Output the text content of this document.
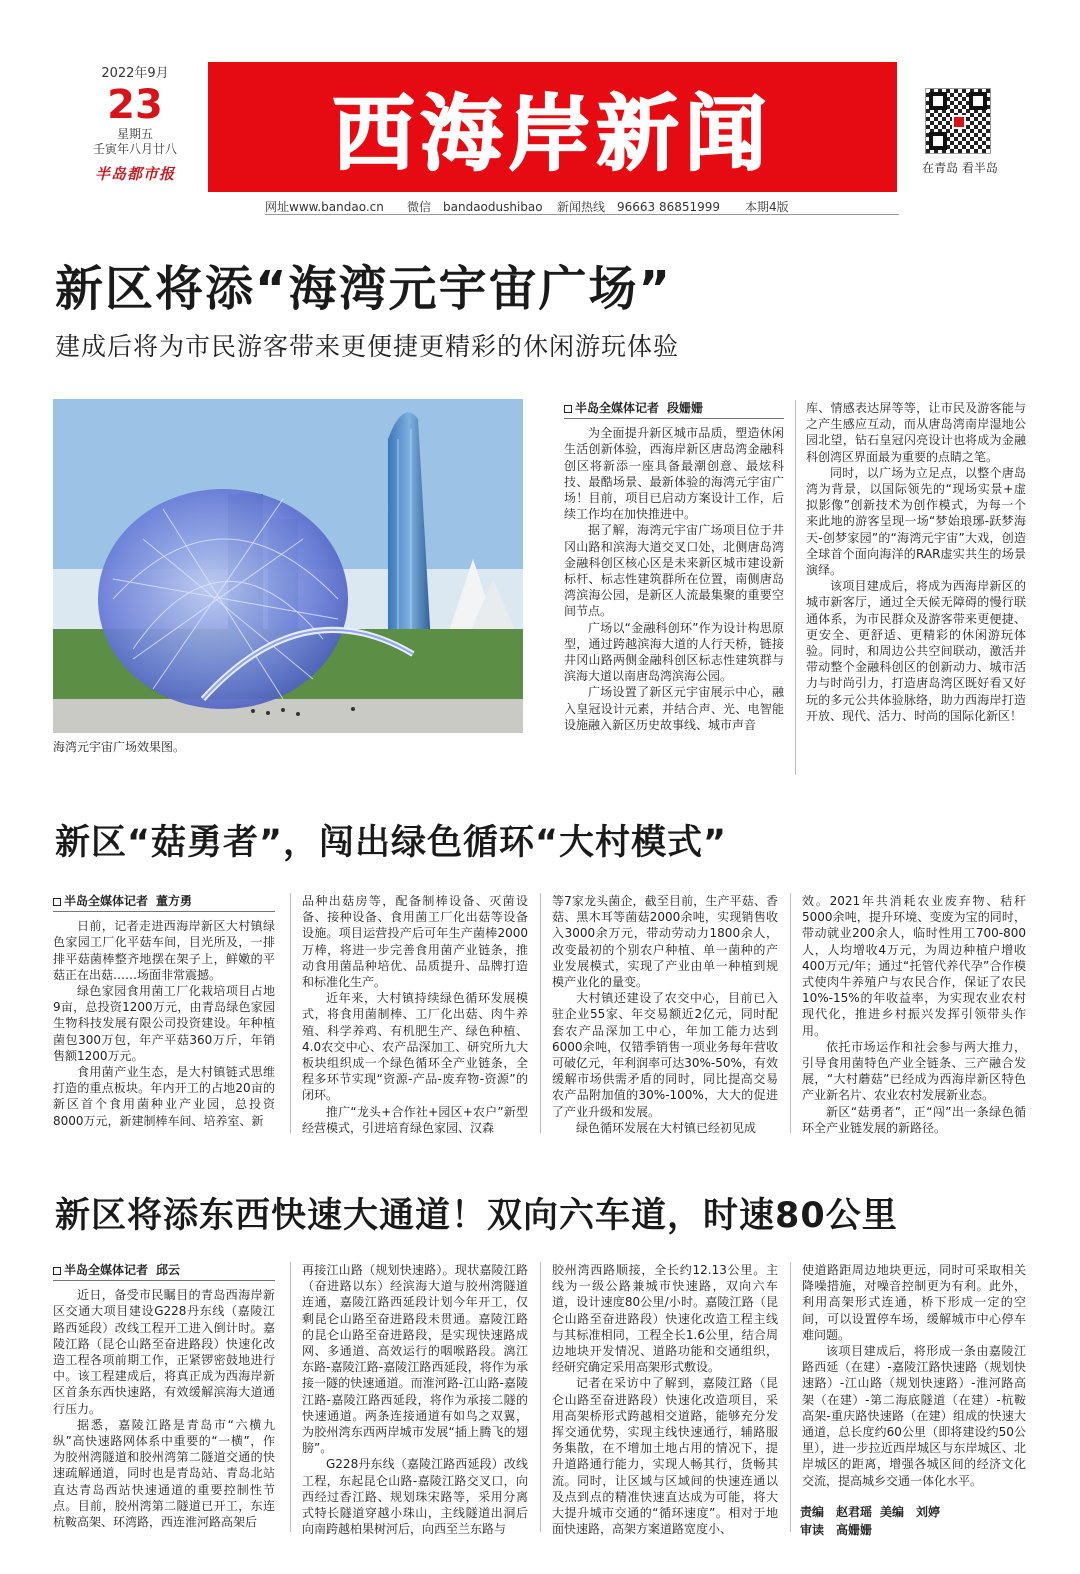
2022年9月
23
星期五
壬寅年八月廿八
半岛都市报 西海岸新闻	在青岛 看半岛
网址www.bandao.cn	微信　bandaodushibao	新闻热线　96663 86851999	本期4版
新区将添“海湾元宇宙广场”
建成后将为市民游客带来更便捷更精彩的休闲游玩体验
海湾元宇宙广场效果图。
半岛全媒体记者 段姗姗

为全面提升新区城市品质，塑造休闲生活创新体验，西海岸新区唐岛湾金融科创区将新添一座具备最潮创意、最炫科技、最酷场景、最新体验的海湾元宇宙广场！目前，项目已启动方案设计工作，后续工作均在加快推进中。

据了解，海湾元宇宙广场项目位于井冈山路和滨海大道交叉口处，北侧唐岛湾金融科创区核心区是未来新区城市建设新标杆、标志性建筑群所在位置，南侧唐岛湾滨海公园，是新区人流最集聚的重要空间节点。

广场以“金融科创环”作为设计构思原型，通过跨越滨海大道的人行天桥，链接井冈山路两侧金融科创区标志性建筑群与滨海大道以南唐岛湾滨海公园。

广场设置了新区元宇宙展示中心，融入皇冠设计元素，并结合声、光、电智能设施融入新区历史故事线、城市声音

库、情感表达屏等等，让市民及游客能与之产生感应互动，而从唐岛湾南岸湿地公园北望，钻石皇冠闪亮设计也将成为金融科创湾区界面最为重要的点睛之笔。

同时，以广场为立足点，以整个唐岛湾为背景，以国际领先的“现场实景+虚拟影像”创新技术为创作模式，为每一个来此地的游客呈现一场“梦始琅琊-跃梦海天-创梦家园”的“海湾元宇宙”大戏，创造全球首个面向海洋的RAR虚实共生的场景演绎。

该项目建成后，将成为西海岸新区的城市新客厅，通过全天候无障碍的慢行联通体系，为市民群众及游客带来更便捷、更安全、更舒适、更精彩的休闲游玩体验。同时，和周边公共空间联动，激活并带动整个金融科创区的创新动力、城市活力与时尚引力，打造唐岛湾区既好看又好玩的多元公共体验脉络，助力西海岸打造开放、现代、活力、时尚的国际化新区！

新区“菇勇者”，闯出绿色循环“大村模式”
半岛全媒体记者 董方勇

日前，记者走进西海岸新区大村镇绿色家园工厂化平菇车间，目光所及，一排排平菇菌棒整齐地摆在架子上，鲜嫩的平菇正在出菇……场面非常震撼。

绿色家园食用菌工厂化栽培项目占地9亩，总投资1200万元，由青岛绿色家园生物科技发展有限公司投资建设。年种植菌包300万包，年产平菇360万斤，年销售额1200万元。

食用菌产业生态，是大村镇链式思维打造的重点板块。年内开工的占地20亩的新区首个食用菌种业产业园，总投资8000万元，新建制棒车间、培养室、新

品种出菇房等，配备制棒设备、灭菌设备、接种设备、食用菌工厂化出菇等设备设施。项目运营投产后可年生产菌棒2000万棒，将进一步完善食用菌产业链条，推动食用菌品种培优、品质提升、品牌打造和标准化生产。

近年来，大村镇持续绿色循环发展模式，将食用菌制棒、工厂化出菇、肉牛养殖、科学养鸡、有机肥生产、绿色种植、4.0农交中心、农产品深加工、研究所九大板块组织成一个绿色循环全产业链条，全程多环节实现“资源-产品-废弃物-资源”的闭环。

推广“龙头+合作社+园区+农户”新型经营模式，引进培育绿色家园、汉森

等7家龙头菌企，截至目前，生产平菇、香菇、黑木耳等菌菇2000余吨，实现销售收入3000余万元，带动劳动力1800余人，改变最初的个别农户种植、单一菌种的产业发展模式，实现了产业由单一种植到规模产业化的量变。

大村镇还建设了农交中心，目前已入驻企业55家、年交易额近2亿元，同时配套农产品深加工中心，年加工能力达到6000余吨，仅错季销售一项业务每年营收可破亿元，年利润率可达30%-50%，有效缓解市场供需矛盾的同时，同比提高交易农产品附加值的30%-100%，大大的促进了产业升级和发展。

绿色循环发展在大村镇已经初见成

效。2021年共消耗农业废弃物、秸秆5000余吨，提升环境、变废为宝的同时，带动就业200余人，临时性用工700-800人，人均增收4万元，为周边种植户增收400万元/年；通过“托管代养代孕”合作模式使肉牛养殖户与农民合作，保证了农民10%-15%的年收益率，为实现农业农村现代化，推进乡村振兴发挥引领带头作用。

依托市场运作和社会参与两大推力，引导食用菌特色产业全链条、三产融合发展，“大村蘑菇”已经成为西海岸新区特色产业新名片、农业农村发展新业态。

新区“菇勇者”，正“闯”出一条绿色循环全产业链发展的新路径。

新区将添东西快速大通道！双向六车道，时速80公里
半岛全媒体记者 邱云

近日，备受市民瞩目的青岛西海岸新区交通大项目建设G228丹东线（嘉陵江路西延段）改线工程开工进入倒计时。嘉陵江路（昆仑山路至奋进路段）快速化改造工程各项前期工作，正紧锣密鼓地进行中。该工程建成后，将真正成为西海岸新区首条东西快速路，有效缓解滨海大道通行压力。

据悉，嘉陵江路是青岛市“六横九纵”高快速路网体系中重要的“一横”，作为胶州湾隧道和胶州湾第二隧道交通的快速疏解通道，同时也是青岛站、青岛北站直达青岛西站快速通道的重要控制性节点。目前，胶州湾第二隧道已开工，东连杭鞍高架、环湾路，西连淮河路高架后

再接江山路（规划快速路）。现状嘉陵江路（奋进路以东）经滨海大道与胶州湾隧道连通，嘉陵江路西延段计划今年开工，仅剩昆仑山路至奋进路段未贯通。嘉陵江路的昆仑山路至奋进路段，是实现快速路成网、多通道、高效运行的咽喉路段。漓江东路-嘉陵江路-嘉陵江路西延段，将作为承接一隧的快速通道。而淮河路-江山路-嘉陵江路-嘉陵江路西延段，将作为承接二隧的快速通道。两条连接通道有如鸟之双翼，为胶州湾东西两岸城市发展“插上腾飞的翅膀”。

G228丹东线（嘉陵江路西延段）改线工程，东起昆仑山路-嘉陵江路交叉口，向西经过香江路、规划珠宋路等，采用分离式特长隧道穿越小珠山，主线隧道出洞后向南跨越柏果树河后，向西至兰东路与

胶州湾西路顺接，全长约12.13公里。主线为一级公路兼城市快速路，双向六车道，设计速度80公里/小时。嘉陵江路（昆仑山路至奋进路段）快速化改造工程主线与其标准相同，工程全长1.6公里，结合周边地块开发情况、道路功能和交通组织，经研究确定采用高架形式敷设。

记者在采访中了解到，嘉陵江路（昆仑山路至奋进路段）快速化改造项目，采用高架桥形式跨越相交道路，能够充分发挥交通优势，实现主线快速通行，辅路服务集散，在不增加土地占用的情况下，提升道路通行能力，实现人畅其行，货畅其流。同时，让区域与区域间的快速连通以及点到点的精准快速直达成为可能，将大大提升城市交通的“循环速度”。相对于地面快速路，高架方案道路宽度小、

使道路距周边地块更远，同时可采取相关降噪措施，对噪音控制更为有利。此外，利用高架形式连通，桥下形成一定的空间，可以设置停车场，缓解城市中心停车难问题。

该项目建成后，将形成一条由嘉陵江路西延（在建）-嘉陵江路快速路（规划快速路）-江山路（规划快速路）-淮河路高架（在建）-第二海底隧道（在建）-杭鞍高架-重庆路快速路（在建）组成的快速大通道，总长度约60公里（即将建设约50公里），进一步拉近西岸城区与东岸城区、北岸城区的距离，增强各城区间的经济文化交流，提高城乡交通一体化水平。

责编　赵君瑶 美编　刘婷
审读　高姗姗
